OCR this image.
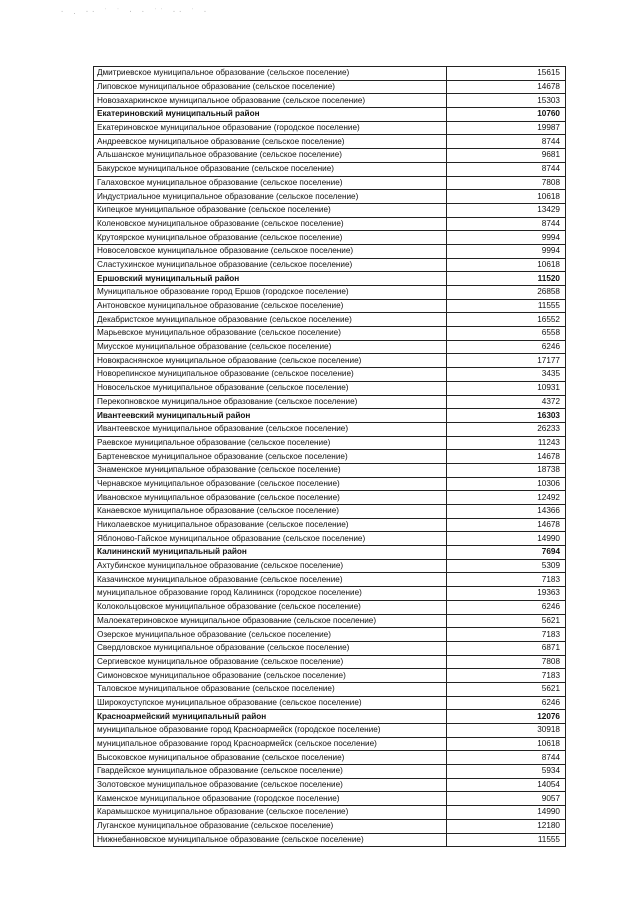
· . ·· ˙ ˙ · · ˙˙ ·· ˙ ·
Дмитриевское муниципальное образование (сельское поселение)	15615
Липовское муниципальное образование (сельское поселение)	14678
Новозахаркинское муниципальное образование (сельское поселение)	15303
Екатериновский муниципальный район	10760
Екатериновское муниципальное образование (городское поселение)	19987
Андреевское муниципальное образование (сельское поселение)	8744
Альшанское муниципальное образование (сельское поселение)	9681
Бакурское муниципальное образование (сельское поселение)	8744
Галаховское муниципальное образование (сельское поселение)	7808
Индустриальное муниципальное образование (сельское поселение)	10618
Кипецкое муниципальное образование (сельское поселение)	13429
Коленовское муниципальное образование (сельское поселение)	8744
Крутоярское муниципальное образование (сельское поселение)	9994
Новоселовское муниципальное образование (сельское поселение)	9994
Сластухинское муниципальное образование (сельское поселение)	10618
Ершовский муниципальный район	11520
Муниципальное образование город Ершов (городское поселение)	26858
Антоновское муниципальное образование (сельское поселение)	11555
Декабристское муниципальное образование (сельское поселение)	16552
Марьевское муниципальное образование (сельское поселение)	6558
Миусское муниципальное образование (сельское поселение)	6246
Новокраснянское муниципальное образование (сельское поселение)	17177
Новорепинское муниципальное образование (сельское поселение)	3435
Новосельское муниципальное образование (сельское поселение)	10931
Перекопновское муниципальное образование (сельское поселение)	4372
Ивантеевский муниципальный район	16303
Ивантеевское муниципальное образование (сельское поселение)	26233
Раевское муниципальное образование (сельское поселение)	11243
Бартеневское муниципальное образование (сельское поселение)	14678
Знаменское муниципальное образование (сельское поселение)	18738
Чернавское муниципальное образование (сельское поселение)	10306
Ивановское муниципальное образование (сельское поселение)	12492
Канаевское муниципальное образование (сельское поселение)	14366
Николаевское муниципальное образование (сельское поселение)	14678
Яблоново-Гайское муниципальное образование (сельское поселение)	14990
Калининский муниципальный район	7694
Ахтубинское муниципальное образование (сельское поселение)	5309
Казачинское муниципальное образование (сельское поселение)	7183
муниципальное образование город Калининск (городское поселение)	19363
Колокольцовское муниципальное образование (сельское поселение)	6246
Малоекатериновское муниципальное образование (сельское поселение)	5621
Озерское муниципальное образование (сельское поселение)	7183
Свердловское муниципальное образование (сельское поселение)	6871
Сергиевское муниципальное образование (сельское поселение)	7808
Симоновское муниципальное образование (сельское поселение)	7183
Таловское муниципальное образование (сельское поселение)	5621
Широкоуступское муниципальное образование (сельское поселение)	6246
Красноармейский муниципальный район	12076
муниципальное образование город Красноармейск (городское поселение)	30918
муниципальное образование город Красноармейск (сельское поселение)	10618
Высоковское муниципальное образование (сельское поселение)	8744
Гвардейское муниципальное образование (сельское поселение)	5934
Золотовское муниципальное образование (сельское поселение)	14054
Каменское муниципальное образование (городское поселение)	9057
Карамышское муниципальное образование (сельское поселение)	14990
Луганское муниципальное образование (сельское поселение)	12180
Нижнебанновское муниципальное образование (сельское поселение)	11555
